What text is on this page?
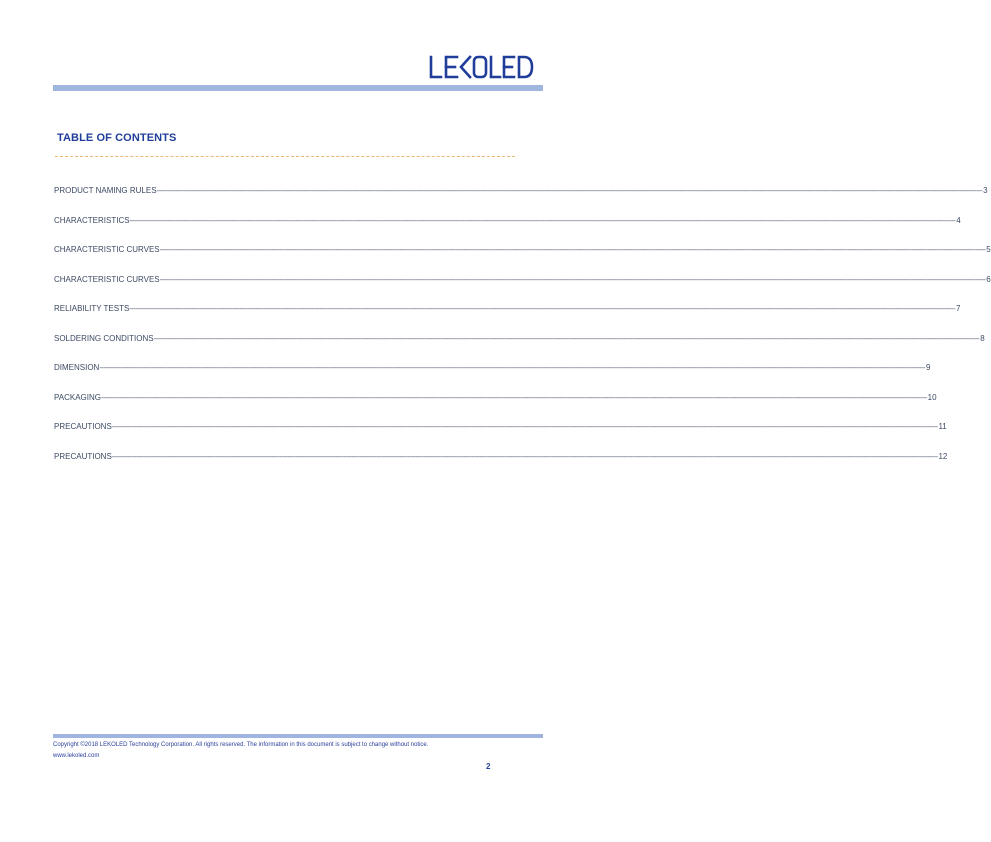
TABLE OF CONTENTS
PRODUCT NAMING RULES ---------------------------------------------------------------------------------------------------------------------------------------------------------------------------------------------------------------------------------------------------------------------------------------------------------------------------------------------------------------------------------------------------------------- 3
CHARACTERISTICS ---------------------------------------------------------------------------------------------------------------------------------------------------------------------------------------------------------------------------------------------------------------------------------------------------------------------------------------------------------------------------------------------------------------- 4
CHARACTERISTIC CURVES ---------------------------------------------------------------------------------------------------------------------------------------------------------------------------------------------------------------------------------------------------------------------------------------------------------------------------------------------------------------------------------------------------------------- 5
CHARACTERISTIC CURVES ---------------------------------------------------------------------------------------------------------------------------------------------------------------------------------------------------------------------------------------------------------------------------------------------------------------------------------------------------------------------------------------------------------------- 6
RELIABILITY TESTS ---------------------------------------------------------------------------------------------------------------------------------------------------------------------------------------------------------------------------------------------------------------------------------------------------------------------------------------------------------------------------------------------------------------- 7
SOLDERING CONDITIONS ---------------------------------------------------------------------------------------------------------------------------------------------------------------------------------------------------------------------------------------------------------------------------------------------------------------------------------------------------------------------------------------------------------------- 8
DIMENSION ---------------------------------------------------------------------------------------------------------------------------------------------------------------------------------------------------------------------------------------------------------------------------------------------------------------------------------------------------------------------------------------------------------------- 9
PACKAGING ---------------------------------------------------------------------------------------------------------------------------------------------------------------------------------------------------------------------------------------------------------------------------------------------------------------------------------------------------------------------------------------------------------------- 10
PRECAUTIONS ---------------------------------------------------------------------------------------------------------------------------------------------------------------------------------------------------------------------------------------------------------------------------------------------------------------------------------------------------------------------------------------------------------------- 11
PRECAUTIONS ---------------------------------------------------------------------------------------------------------------------------------------------------------------------------------------------------------------------------------------------------------------------------------------------------------------------------------------------------------------------------------------------------------------- 12
Copyright ©2018 LEKOLED Technology Corporation. All rights reserved. The information in this document is subject to change without notice.
www.lekoled.com
2
